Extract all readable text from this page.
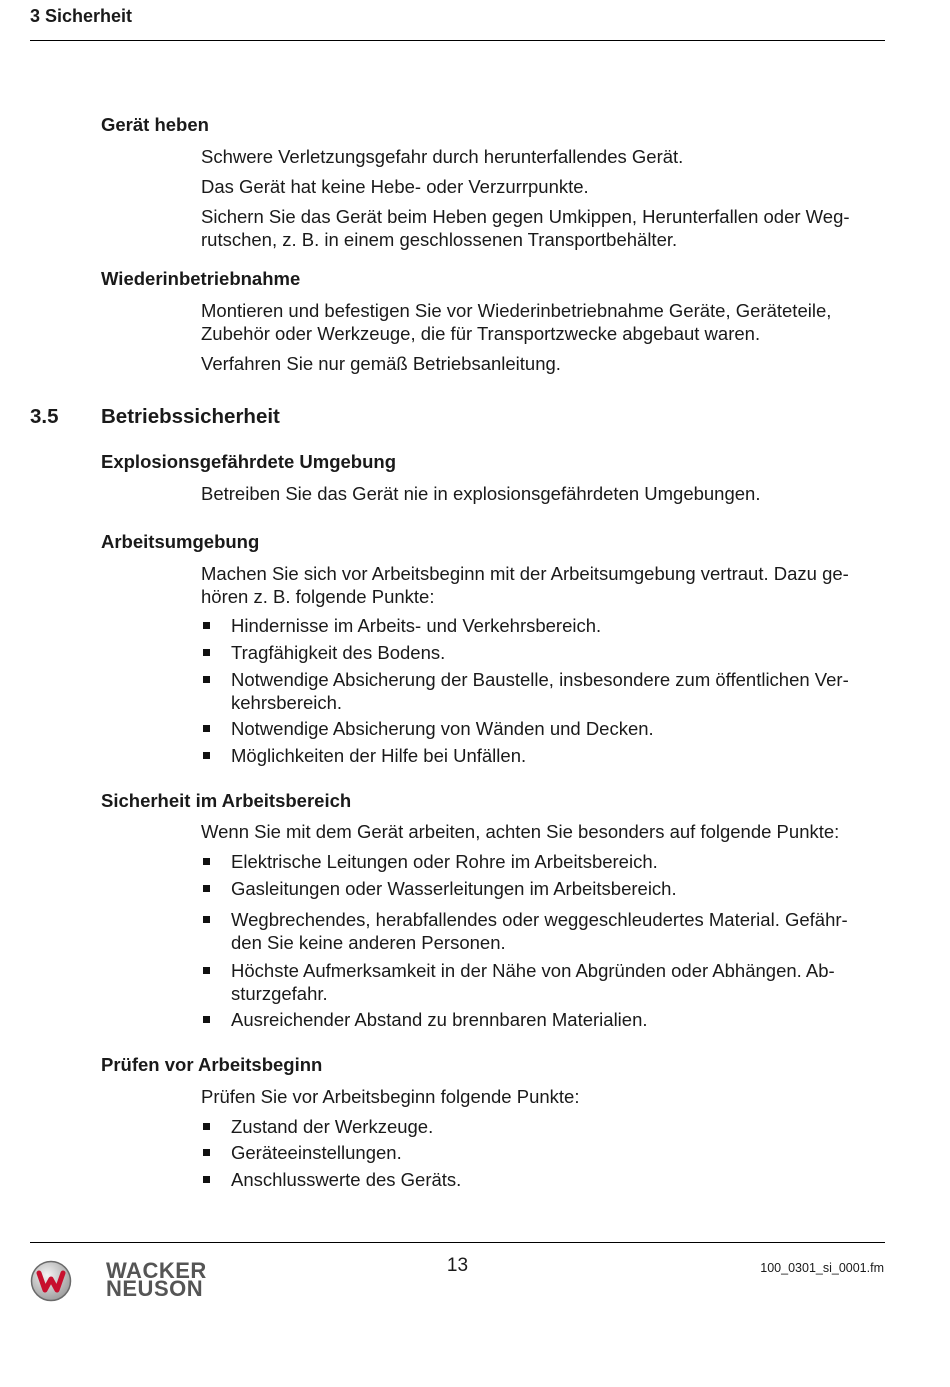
3 Sicherheit
Gerät heben
Schwere Verletzungsgefahr durch herunterfallendes Gerät.
Das Gerät hat keine Hebe- oder Verzurrpunkte.
Sichern Sie das Gerät beim Heben gegen Umkippen, Herunterfallen oder Weg-
rutschen, z. B. in einem geschlossenen Transportbehälter.
Wiederinbetriebnahme
Montieren und befestigen Sie vor Wiederinbetriebnahme Geräte, Geräteteile,
Zubehör oder Werkzeuge, die für Transportzwecke abgebaut waren.
Verfahren Sie nur gemäß Betriebsanleitung.
3.5 Betriebssicherheit
Explosionsgefährdete Umgebung
Betreiben Sie das Gerät nie in explosionsgefährdeten Umgebungen.
Arbeitsumgebung
Machen Sie sich vor Arbeitsbeginn mit der Arbeitsumgebung vertraut. Dazu ge-
hören z. B. folgende Punkte:
Hindernisse im Arbeits- und Verkehrsbereich.
Tragfähigkeit des Bodens.
Notwendige Absicherung der Baustelle, insbesondere zum öffentlichen Ver-
kehrsbereich.
Notwendige Absicherung von Wänden und Decken.
Möglichkeiten der Hilfe bei Unfällen.
Sicherheit im Arbeitsbereich
Wenn Sie mit dem Gerät arbeiten, achten Sie besonders auf folgende Punkte:
Elektrische Leitungen oder Rohre im Arbeitsbereich.
Gasleitungen oder Wasserleitungen im Arbeitsbereich.
Wegbrechendes, herabfallendes oder weggeschleudertes Material. Gefähr-
den Sie keine anderen Personen.
Höchste Aufmerksamkeit in der Nähe von Abgründen oder Abhängen. Ab-
sturzgefahr.
Ausreichender Abstand zu brennbaren Materialien.
Prüfen vor Arbeitsbeginn
Prüfen Sie vor Arbeitsbeginn folgende Punkte:
Zustand der Werkzeuge.
Geräteeinstellungen.
Anschlusswerte des Geräts.
WACKER
NEUSON
13	100_0301_si_0001.fm
